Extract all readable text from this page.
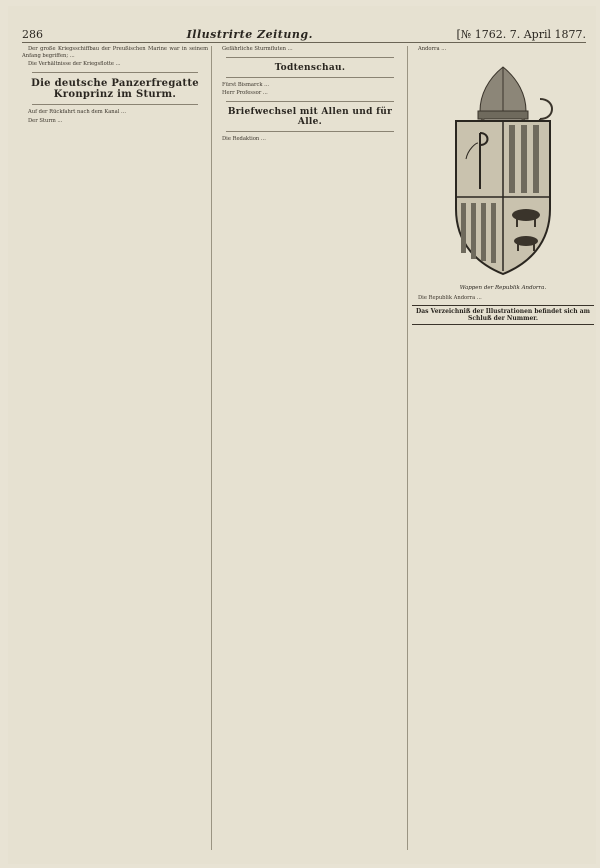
286	Illustrirte Zeitung.	[№ 1762. 7. April 1877.

Der große Kriegsschiffbau der Preußischen Marine war in seinem Anfang begriffen; ...

Die Verhältnisse der Kriegsflotte ...

Die deutsche Panzerfregatte Kronprinz im Sturm.

Auf der Rückfahrt nach dem Kanal ...

Der Sturm ...

Gefährliche Sturmfluten ...

Todtenschau.

Fürst Bismarck ...

Herr Professor ...

Briefwechsel mit Allen und für Alle.

Die Redaktion ...

Andorra ...

Wappen der Republik Andorra.

Die Republik Andorra ...

Das Verzeichniß der Illustrationen befindet sich am Schluß der Nummer.
